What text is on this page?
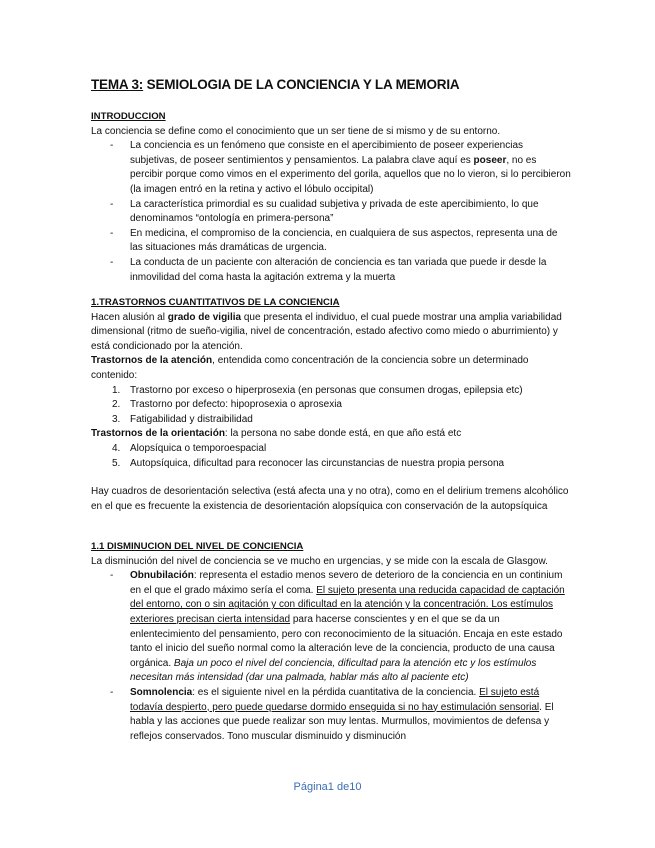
TEMA 3: SEMIOLOGIA DE LA CONCIENCIA Y LA MEMORIA
INTRODUCCION

La conciencia se define como el conocimiento que un ser tiene de si mismo y de su entorno.

- La conciencia es un fenómeno que consiste en el apercibimiento de poseer experiencias subjetivas, de poseer sentimientos y pensamientos. La palabra clave aquí es poseer, no es percibir porque como vimos en el experimento del gorila, aquellos que no lo vieron, si lo percibieron (la imagen entró en la retina y activo el lóbulo occipital)
- La característica primordial es su cualidad subjetiva y privada de este apercibimiento, lo que denominamos “ontología en primera-persona”
- En medicina, el compromiso de la conciencia, en cualquiera de sus aspectos, representa una de las situaciones más dramáticas de urgencia.
- La conducta de un paciente con alteración de conciencia es tan variada que puede ir desde la inmovilidad del coma hasta la agitación extrema y la muerta
1.TRASTORNOS CUANTITATIVOS DE LA CONCIENCIA

Hacen alusión al grado de vigilia que presenta el individuo, el cual puede mostrar una amplia variabilidad dimensional (ritmo de sueño-vigilia, nivel de concentración, estado afectivo como miedo o aburrimiento) y está condicionado por la atención.

Trastornos de la atención, entendida como concentración de la conciencia sobre un determinado contenido:

1. Trastorno por exceso o hiperprosexia (en personas que consumen drogas, epilepsia etc)
2. Trastorno por defecto: hipoprosexia o aprosexia
3. Fatigabilidad y distraibilidad

Trastornos de la orientación: la persona no sabe donde está, en que año está etc

4. Alopsíquica o temporoespacial
5. Autopsíquica, dificultad para reconocer las circunstancias de nuestra propia persona

Hay cuadros de desorientación selectiva (está afecta una y no otra), como en el delirium tremens alcohólico en el que es frecuente la existencia de desorientación alopsíquica con conservación de la autopsíquica

1.1 DISMINUCION DEL NIVEL DE CONCIENCIA

La disminución del nivel de conciencia se ve mucho en urgencias, y se mide con la escala de Glasgow.

- Obnubilación: representa el estadio menos severo de deterioro de la conciencia en un continium en el que el grado máximo sería el coma. El sujeto presenta una reducida capacidad de captación del entorno, con o sin agitación y con dificultad en la atención y la concentración. Los estímulos exteriores precisan cierta intensidad para hacerse conscientes y en el que se da un enlentecimiento del pensamiento, pero con reconocimiento de la situación. Encaja en este estado tanto el inicio del sueño normal como la alteración leve de la conciencia, producto de una causa orgánica. Baja un poco el nivel del conciencia, dificultad para la atención etc y los estímulos necesitan más intensidad (dar una palmada, hablar más alto al paciente etc)
- Somnolencia: es el siguiente nivel en la pérdida cuantitativa de la conciencia. El sujeto está todavía despierto, pero puede quedarse dormido enseguida si no hay estimulación sensorial. El habla y las acciones que puede realizar son muy lentas. Murmullos, movimientos de defensa y reflejos conservados. Tono muscular disminuido y disminución
Página1 de10
